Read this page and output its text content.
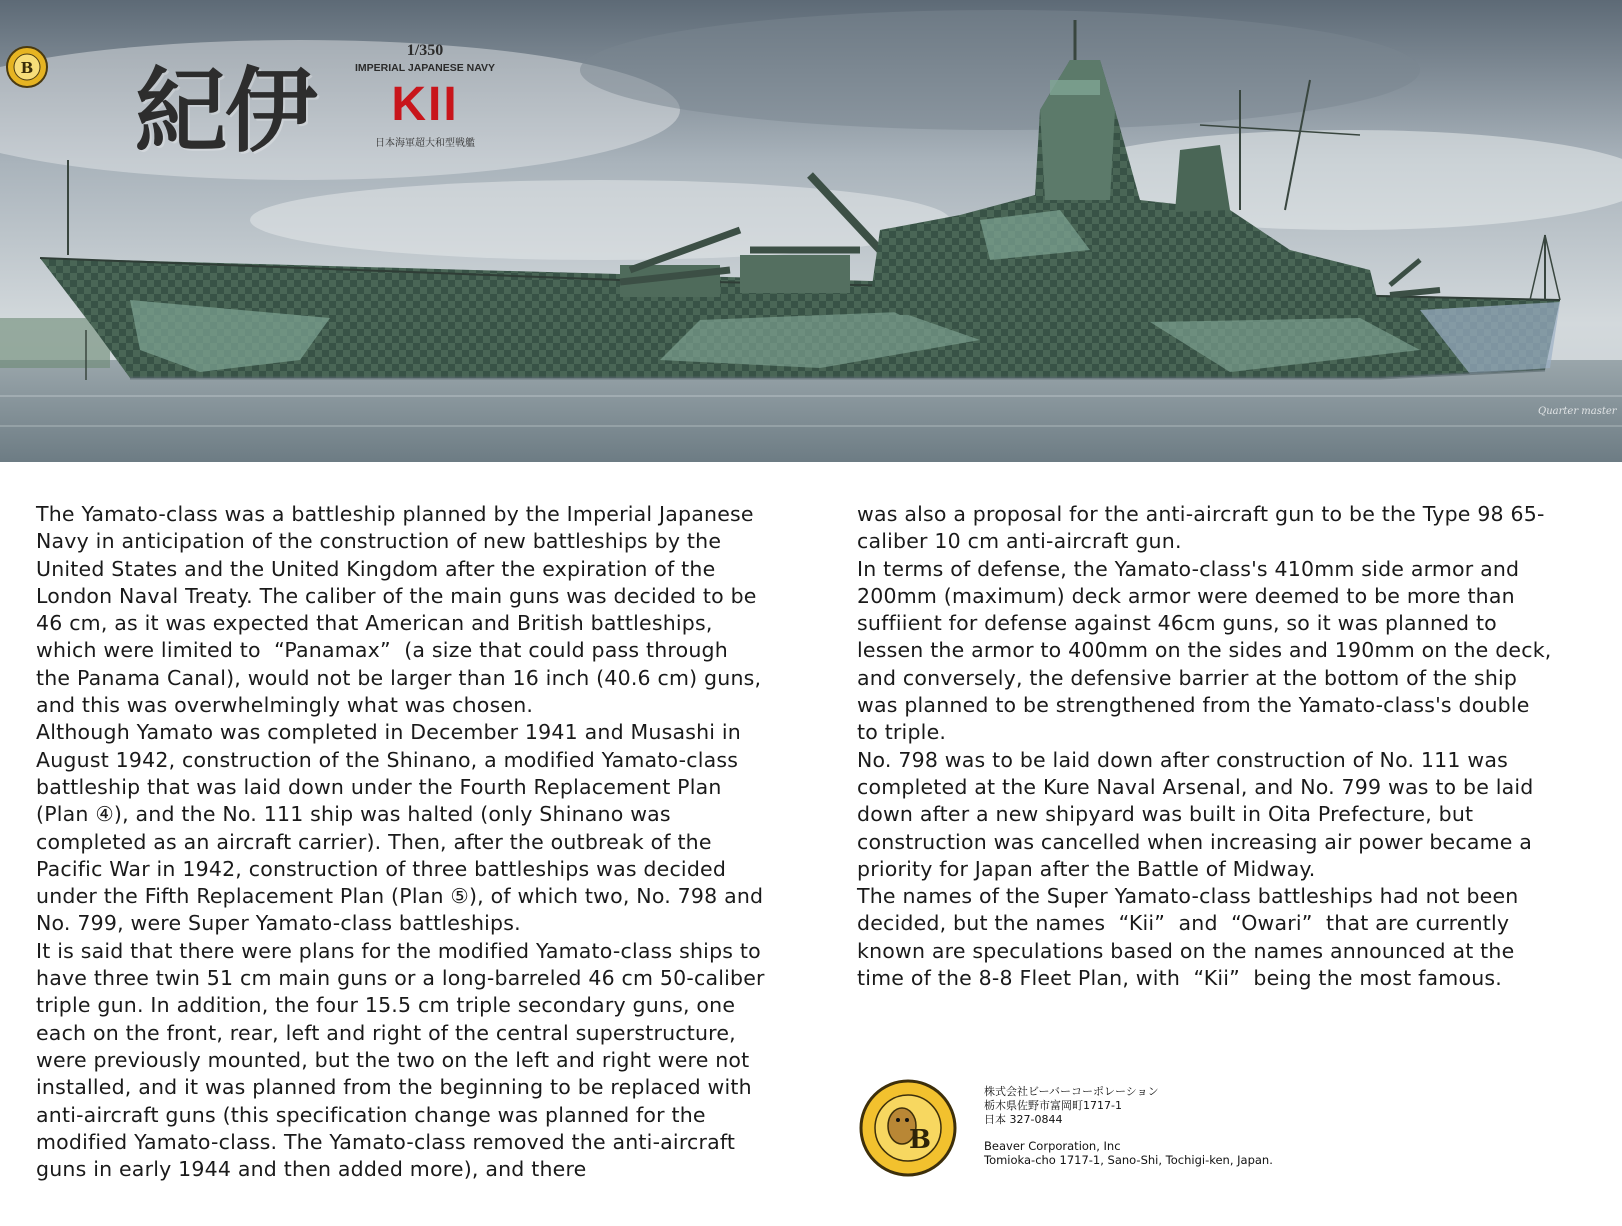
B 紀伊
1/350
IMPERIAL JAPANESE NAVY
KII
日本海軍超大和型戦艦
Quarter master
The Yamato-class was a battleship planned by the Imperial Japanese
Navy in anticipation of the construction of new battleships by the
United States and the United Kingdom after the expiration of the
London Naval Treaty. The caliber of the main guns was decided to be
46 cm, as it was expected that American and British battleships,
which were limited to  “Panamax”  (a size that could pass through
the Panama Canal), would not be larger than 16 inch (40.6 cm) guns,
and this was overwhelmingly what was chosen.
Although Yamato was completed in December 1941 and Musashi in
August 1942, construction of the Shinano, a modified Yamato-class
battleship that was laid down under the Fourth Replacement Plan
(Plan ④), and the No. 111 ship was halted (only Shinano was
completed as an aircraft carrier). Then, after the outbreak of the
Pacific War in 1942, construction of three battleships was decided
under the Fifth Replacement Plan (Plan ⑤), of which two, No. 798 and
No. 799, were Super Yamato-class battleships.
It is said that there were plans for the modified Yamato-class ships to
have three twin 51 cm main guns or a long-barreled 46 cm 50-caliber
triple gun. In addition, the four 15.5 cm triple secondary guns, one
each on the front, rear, left and right of the central superstructure,
were previously mounted, but the two on the left and right were not
installed, and it was planned from the beginning to be replaced with
anti-aircraft guns (this specification change was planned for the
modified Yamato-class. The Yamato-class removed the anti-aircraft
guns in early 1944 and then added more), and there
was also a proposal for the anti-aircraft gun to be the Type 98 65-
caliber 10 cm anti-aircraft gun.
In terms of defense, the Yamato-class's 410mm side armor and
200mm (maximum) deck armor were deemed to be more than
suffiient for defense against 46cm guns, so it was planned to
lessen the armor to 400mm on the sides and 190mm on the deck,
and conversely, the defensive barrier at the bottom of the ship
was planned to be strengthened from the Yamato-class's double
to triple.
No. 798 was to be laid down after construction of No. 111 was
completed at the Kure Naval Arsenal, and No. 799 was to be laid
down after a new shipyard was built in Oita Prefecture, but
construction was cancelled when increasing air power became a
priority for Japan after the Battle of Midway.
The names of the Super Yamato-class battleships had not been
decided, but the names  “Kii”  and  “Owari”  that are currently
known are speculations based on the names announced at the
time of the 8-8 Fleet Plan, with  “Kii”  being the most famous.
B
株式会社ビーバーコーポレーション
栃木県佐野市富岡町1717-1
日本 327-0844
Beaver Corporation, Inc
Tomioka-cho 1717-1, Sano-Shi, Tochigi-ken, Japan.
